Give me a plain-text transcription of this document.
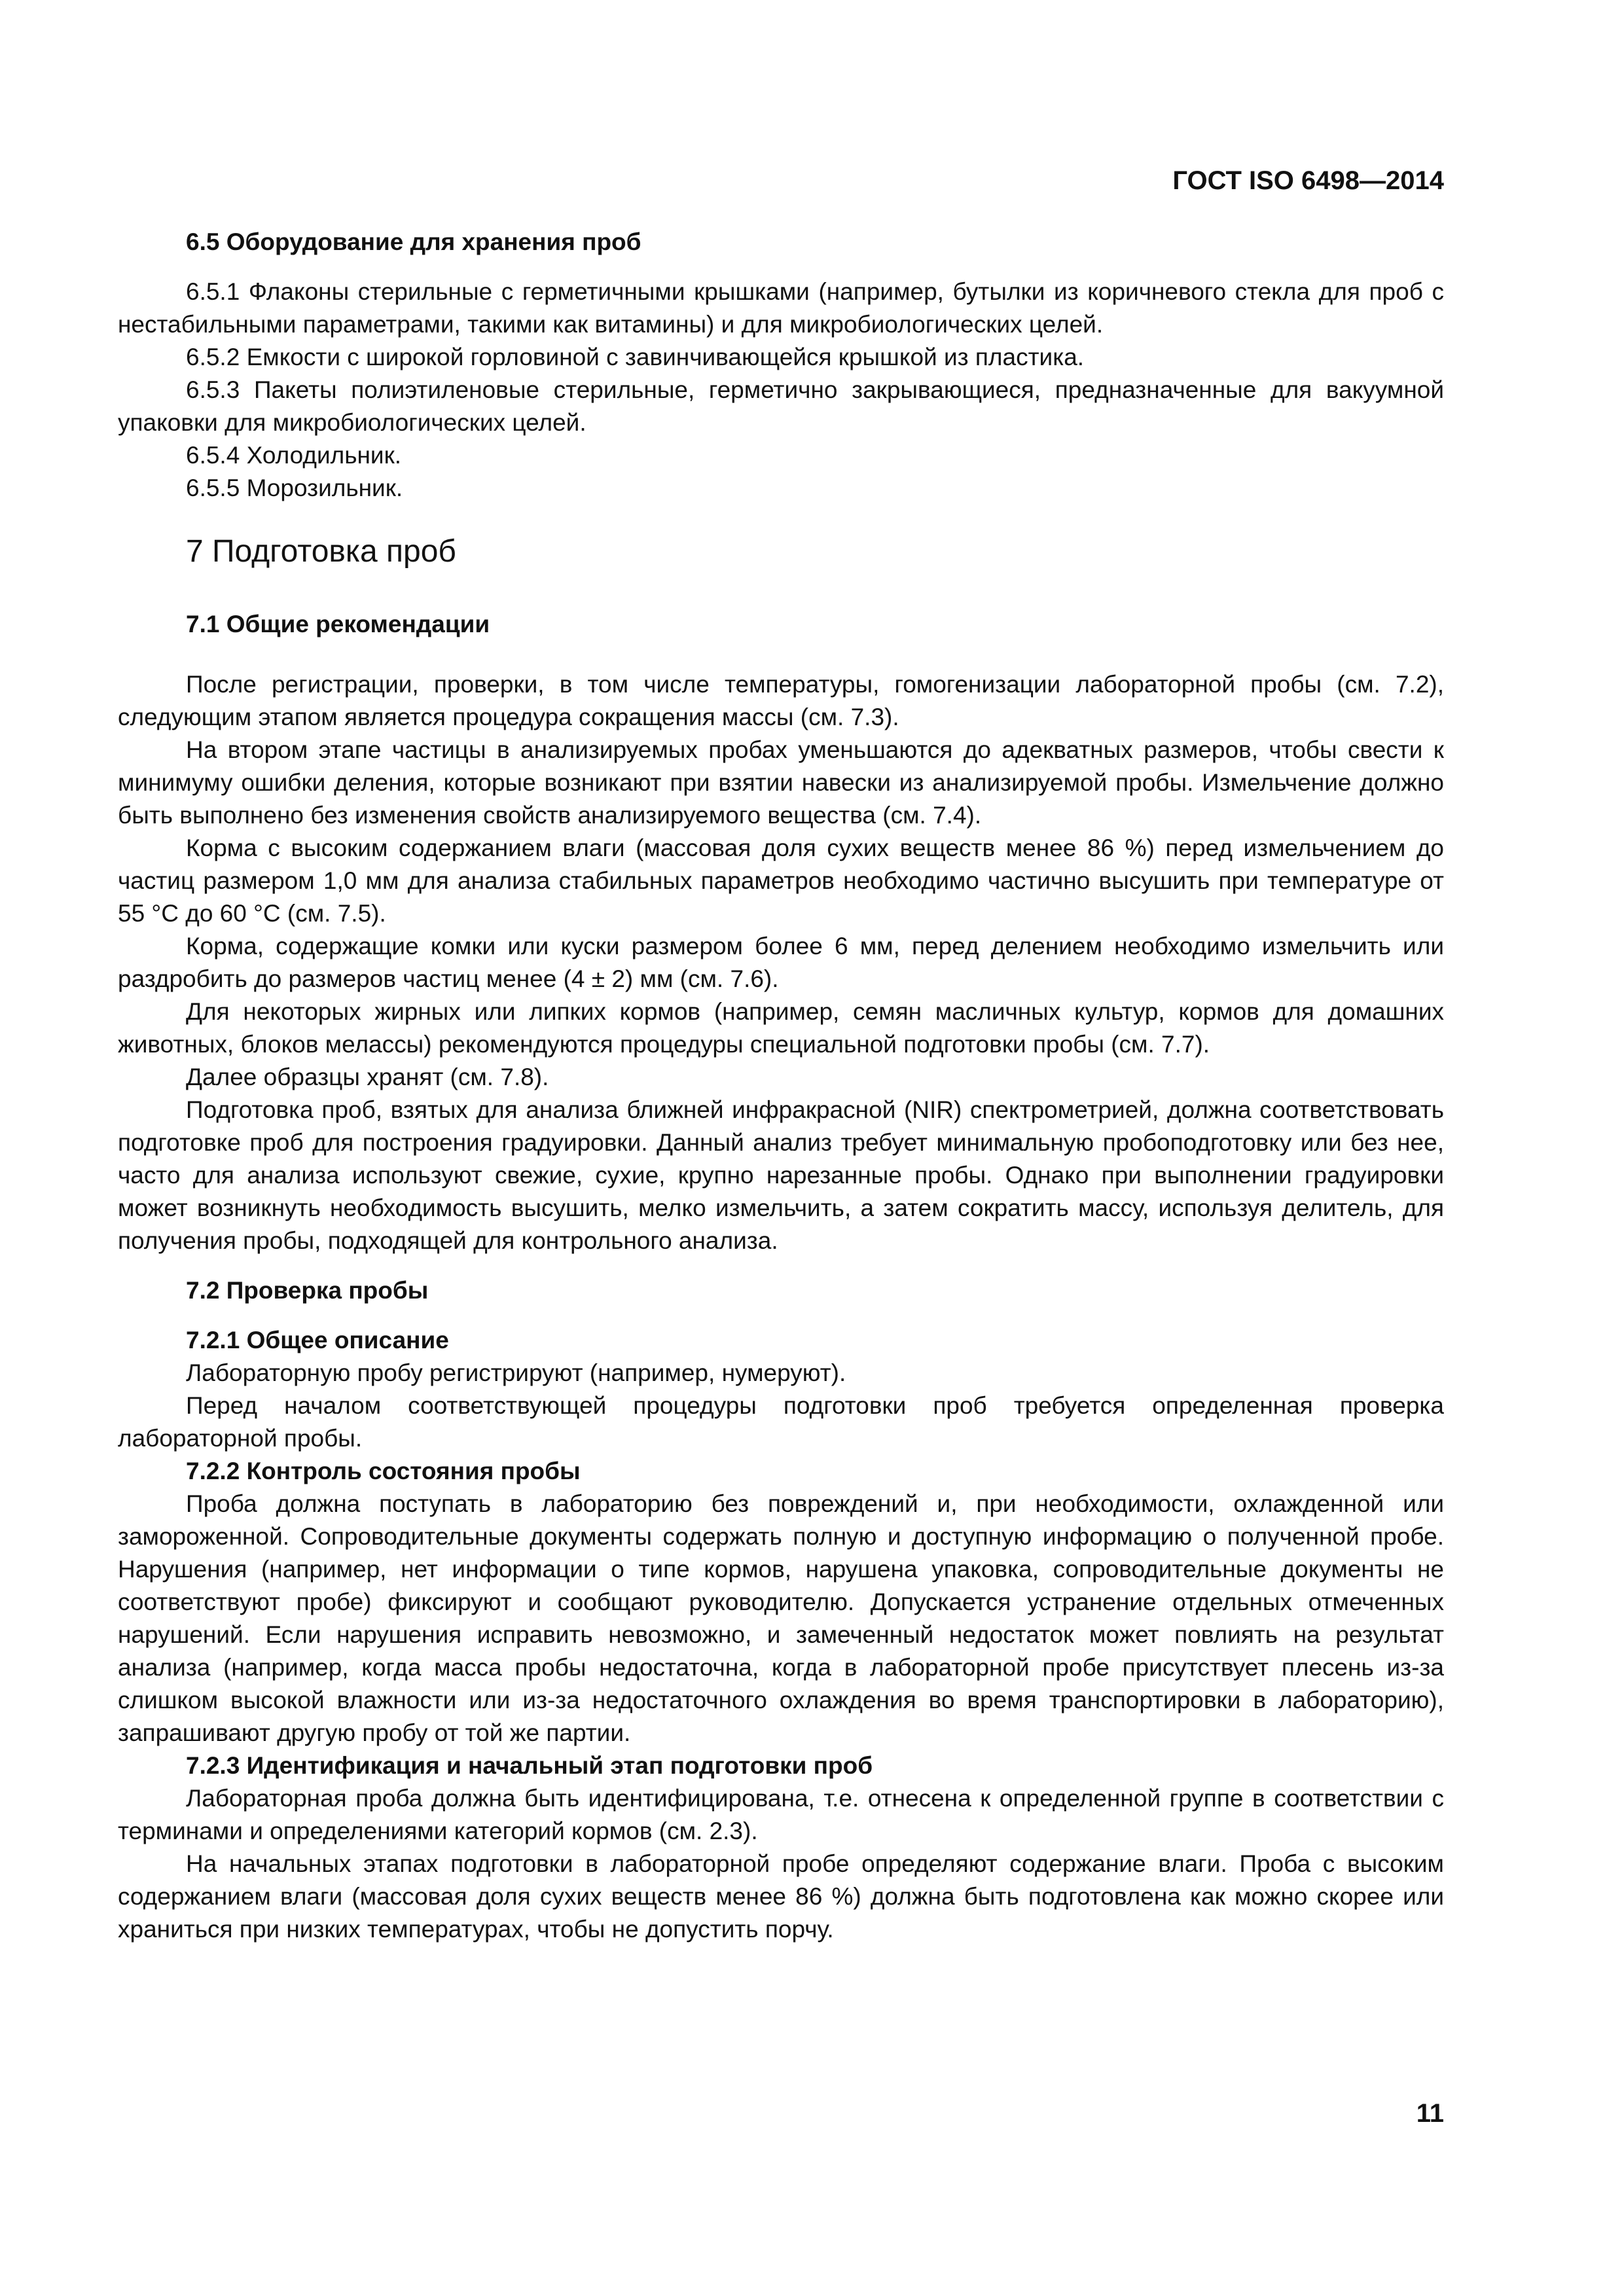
ГОСТ ISO 6498—2014
6.5 Оборудование для хранения проб
6.5.1 Флаконы стерильные с герметичными крышками (например, бутылки из коричневого стекла для проб с нестабильными параметрами, такими как витамины) и для микробиологических целей.
6.5.2 Емкости с широкой горловиной с завинчивающейся крышкой из пластика.
6.5.3 Пакеты полиэтиленовые стерильные, герметично закрывающиеся, предназначенные для вакуумной упаковки для микробиологических целей.
6.5.4 Холодильник.
6.5.5 Морозильник.
7 Подготовка проб
7.1 Общие рекомендации
После регистрации, проверки, в том числе температуры, гомогенизации лабораторной пробы (см. 7.2), следующим этапом является процедура сокращения массы (см. 7.3).
На втором этапе частицы в анализируемых пробах уменьшаются до адекватных размеров, чтобы свести к минимуму ошибки деления, которые возникают при взятии навески из анализируемой пробы. Измельчение должно быть выполнено без изменения свойств анализируемого вещества (см. 7.4).
Корма с высоким содержанием влаги (массовая доля сухих веществ менее 86 %) перед измельчением до частиц размером 1,0 мм для анализа стабильных параметров необходимо частично высушить при температуре от 55 °С до 60 °С (см. 7.5).
Корма, содержащие комки или куски размером более 6 мм, перед делением необходимо измельчить или раздробить до размеров частиц менее (4 ± 2) мм (см. 7.6).
Для некоторых жирных или липких кормов (например, семян масличных культур, кормов для домашних животных, блоков мелассы) рекомендуются процедуры специальной подготовки пробы (см. 7.7).
Далее образцы хранят (см. 7.8).
Подготовка проб, взятых для анализа ближней инфракрасной (NIR) спектрометрией, должна соответствовать подготовке проб для построения градуировки. Данный анализ требует минимальную пробоподготовку или без нее, часто для анализа используют свежие, сухие, крупно нарезанные пробы. Однако при выполнении градуировки может возникнуть необходимость высушить, мелко измельчить, а затем сократить массу, используя делитель, для получения пробы, подходящей для контрольного анализа.
7.2 Проверка пробы
7.2.1 Общее описание
Лабораторную пробу регистрируют (например, нумеруют).
Перед началом соответствующей процедуры подготовки проб требуется определенная проверка лабораторной пробы.
7.2.2 Контроль состояния пробы
Проба должна поступать в лабораторию без повреждений и, при необходимости, охлажденной или замороженной. Сопроводительные документы содержать полную и доступную информацию о полученной пробе. Нарушения (например, нет информации о типе кормов, нарушена упаковка, сопроводительные документы не соответствуют пробе) фиксируют и сообщают руководителю. Допускается устранение отдельных отмеченных нарушений. Если нарушения исправить невозможно, и замеченный недостаток может повлиять на результат анализа (например, когда масса пробы недостаточна, когда в лабораторной пробе присутствует плесень из-за слишком высокой влажности или из-за недостаточного охлаждения во время транспортировки в лабораторию), запрашивают другую пробу от той же партии.
7.2.3 Идентификация и начальный этап подготовки проб
Лабораторная проба должна быть идентифицирована, т.е. отнесена к определенной группе в соответствии с терминами и определениями категорий кормов (см. 2.3).
На начальных этапах подготовки в лабораторной пробе определяют содержание влаги. Проба с высоким содержанием влаги (массовая доля сухих веществ менее 86 %) должна быть подготовлена как можно скорее или храниться при низких температурах, чтобы не допустить порчу.
11
